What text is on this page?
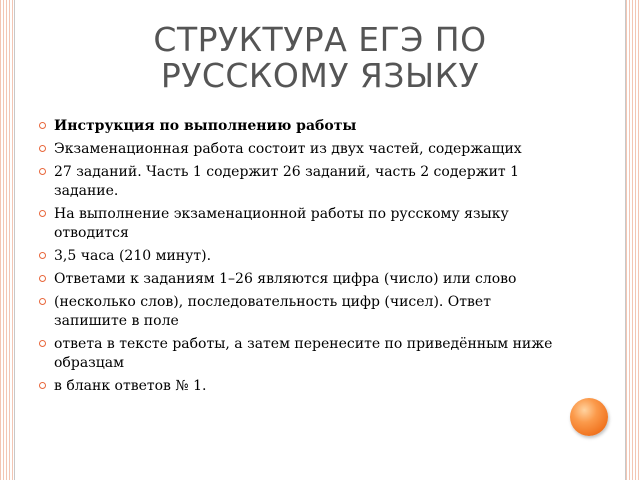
СТРУКТУРА ЕГЭ ПО
РУССКОМУ ЯЗЫКУ
Инструкция по выполнению работы
Экзаменационная работа состоит из двух частей, содержащих
27 заданий. Часть 1 содержит 26 заданий, часть 2 содержит 1 задание.
На выполнение экзаменационной работы по русскому языку отводится
3,5 часа (210 минут).
Ответами к заданиям 1–26 являются цифра (число) или слово
(несколько слов), последовательность цифр (чисел). Ответ запишите в поле
ответа в тексте работы, а затем перенесите по приведённым ниже образцам
в бланк ответов № 1.
